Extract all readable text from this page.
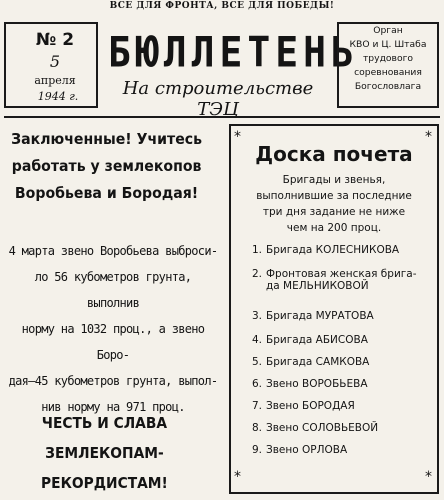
ВСЕ ДЛЯ ФРОНТА, ВСЕ ДЛЯ ПОБЕДЫ!
№ 2
5
апреля
1944 г.
БЮЛЛЕТЕНЬ
На строительстве ТЭЦ
Орган
КВО и Ц. Штаба
трудового
соревнования
Богословлага
Заключенные! Учитесь
работать у землекопов
Воробьева и Бородая!
4 марта звено Воробьева выброси-
ло 56 кубометров грунта, выполнив
норму на 1032 проц., а звено Боро-
дая—45 кубометров грунта, выпол-
нив норму на 971 проц.
ЧЕСТЬ И СЛАВА
ЗЕМЛЕКОПАМ-
РЕКОРДИСТАМ!
*	*
*	*
Доска почета
Бригады и звенья,
выполнившие за последние
три дня задание не ниже
чем на 200 проц.
1. Бригада КОЛЕСНИКОВА
2. Фронтовая женская брига-
да МЕЛЬНИКОВОЙ
3. Бригада МУРАТОВА
4. Бригада АБИСОВА
5. Бригада САМКОВА
6. Звено ВОРОБЬЕВА
7. Звено БОРОДАЯ
8. Звено СОЛОВЬЕВОЙ
9. Звено ОРЛОВА
